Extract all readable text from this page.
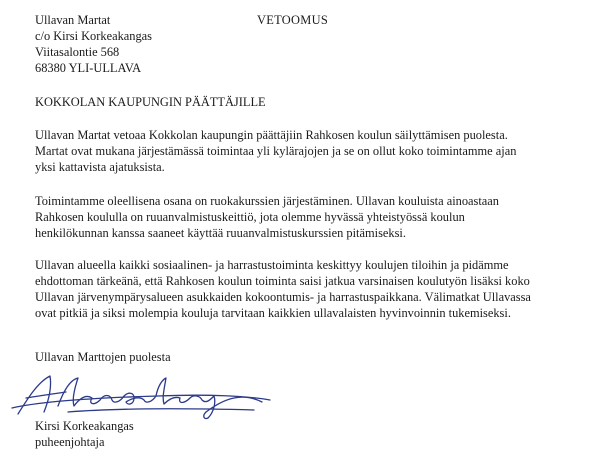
Ullavan Martat
c/o Kirsi Korkeakangas
Viitasalontie 568
68380 YLI-ULLAVA
VETOOMUS
KOKKOLAN KAUPUNGIN PÄÄTTÄJILLE
Ullavan Martat vetoaa Kokkolan kaupungin päättäjiin Rahkosen koulun säilyttämisen puolesta.
Martat ovat mukana järjestämässä toimintaa yli kylärajojen ja se on ollut koko toimintamme ajan
yksi kattavista ajatuksista.
Toimintamme oleellisena osana on ruokakurssien järjestäminen. Ullavan kouluista ainoastaan
Rahkosen koululla on ruuanvalmistuskeittiö, jota olemme hyvässä yhteistyössä koulun
henkilökunnan kanssa saaneet käyttää ruuanvalmistuskurssien pitämiseksi.
Ullavan alueella kaikki sosiaalinen- ja harrastustoiminta keskittyy koulujen tiloihin ja pidämme
ehdottoman tärkeänä, että Rahkosen koulun toiminta saisi jatkua varsinaisen koulutyön lisäksi koko
Ullavan järvenympärysalueen asukkaiden kokoontumis- ja harrastuspaikkana. Välimatkat Ullavassa
ovat pitkiä ja siksi molempia kouluja tarvitaan kaikkien ullavalaisten hyvinvoinnin tukemiseksi.
Ullavan Marttojen puolesta
Kirsi Korkeakangas
puheenjohtaja
